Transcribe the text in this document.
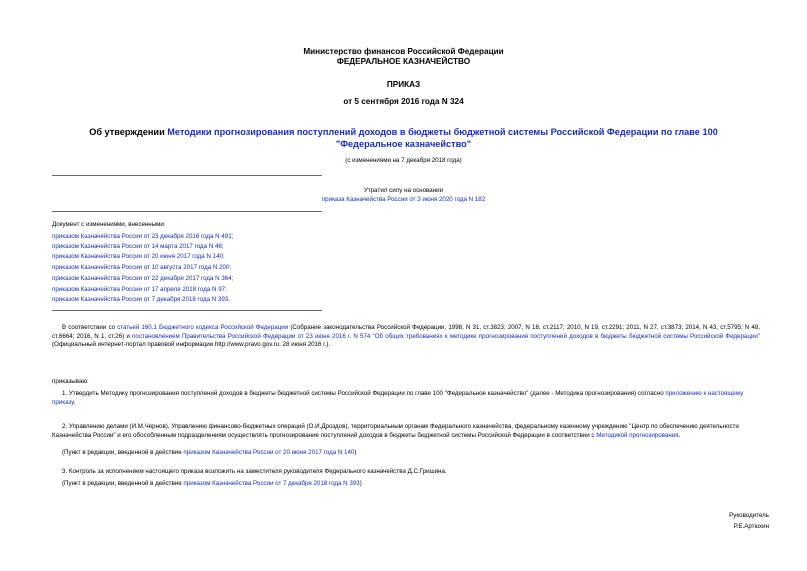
Министерство финансов Российской Федерации
ФЕДЕРАЛЬНОЕ КАЗНАЧЕЙСТВО
ПРИКАЗ
от 5 сентября 2016 года N 324
Об утверждении Методики прогнозирования поступлений доходов в бюджеты бюджетной системы Российской Федерации по главе 100 "Федеральное казначейство"
(с изменениями на 7 декабря 2018 года)
Утратил силу на основании
приказа Казначейства России от 3 июня 2020 года N 182
Документ с изменениями, внесенными:
приказом Казначейства России от 23 декабря 2016 года N 491;
приказом Казначейства России от 14 марта 2017 года N 46;
приказом Казначейства России от 20 июня 2017 года N 140;
приказом Казначейства России от 10 августа 2017 года N 200;
приказом Казначейства России от 22 декабря 2017 года N 364;
приказом Казначейства России от 17 апреля 2018 года N 97;
приказом Казначейства России от 7 декабря 2018 года N 393.

В соответствии со статьей 160.1 Бюджетного кодекса Российской Федерации (Собрание законодательства Российской Федерации, 1998, N 31, ст.3823; 2007, N 18, ст.2117; 2010, N 19, ст.2291; 2011, N 27, ст.3873; 2014, N 43, ст.5795; N 48, ст.6664; 2016, N 1, ст.26) и постановлением Правительства Российской Федерации от 23 июня 2016 г. N 574 "Об общих требованиях к методике прогнозирования поступлений доходов в бюджеты бюджетной системы Российской Федерации" (Официальный интернет-портал правовой информации http://www.pravo.gov.ru, 28 июня 2016 г.).

приказываю:

1. Утвердить Методику прогнозирования поступлений доходов в бюджеты бюджетной системы Российской Федерации по главе 100 "Федеральное казначейство" (далее - Методика прогнозирования) согласно приложению к настоящему приказу.

2. Управлению делами (И.М.Чернов), Управлению финансово-бюджетных операций (О.И.Дроздов), территориальным органам Федерального казначейства, федеральному казенному учреждению "Центр по обеспечению деятельности Казначейства России" и его обособленным подразделениям осуществлять прогнозирование поступлений доходов в бюджеты бюджетной системы Российской Федерации в соответствии с Методикой прогнозирования.

(Пункт в редакции, введенной в действие приказом Казначейства России от 20 июня 2017 года N 140)
3. Контроль за исполнением настоящего приказа возложить на заместителя руководителя Федерального казначейства Д.С.Гришина.
(Пункт в редакции, введенной в действие приказом Казначейства России от 7 декабря 2018 года N 393)
Руководитель
Р.Е.Артюхин
